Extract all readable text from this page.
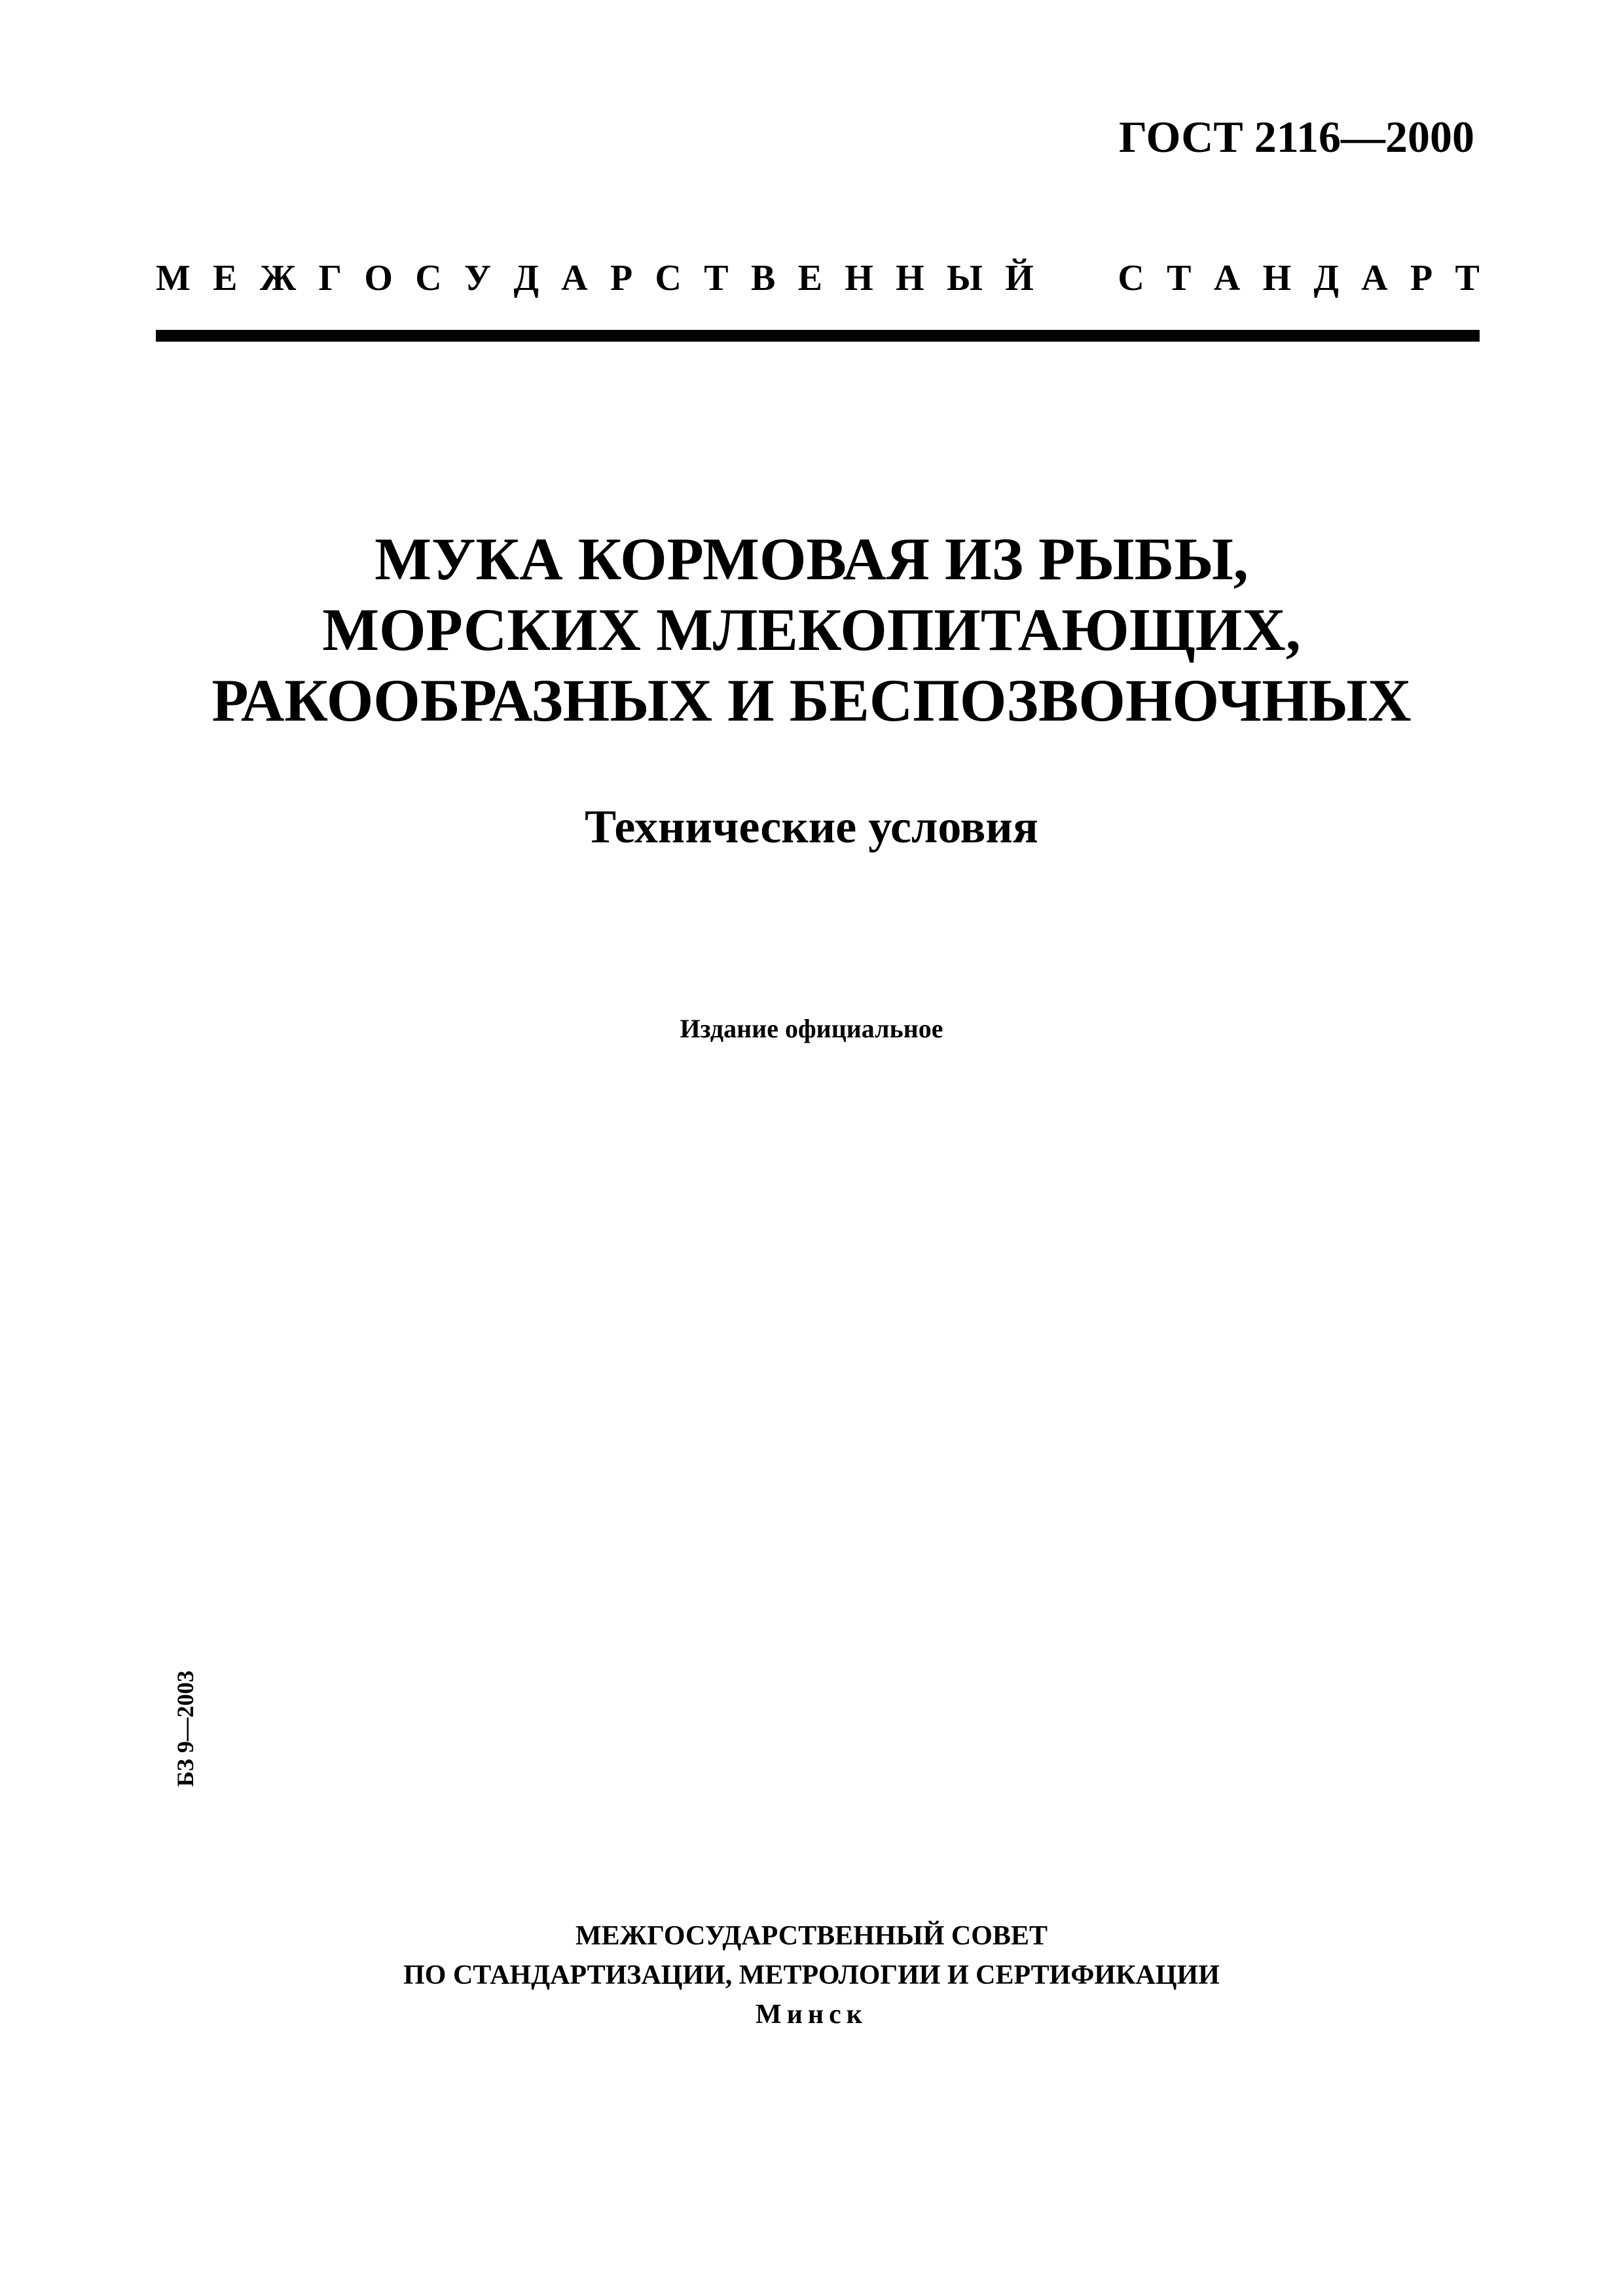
ГОСТ 2116—2000
М Е Ж Г О С У Д А Р С Т В Е Н Н Ы Й С Т А Н Д А Р Т
МУКА КОРМОВАЯ ИЗ РЫБЫ,
МОРСКИХ МЛЕКОПИТАЮЩИХ,
РАКООБРАЗНЫХ И БЕСПОЗВОНОЧНЫХ
Технические условия
Издание официальное
БЗ 9—2003
МЕЖГОСУДАРСТВЕННЫЙ СОВЕТ
ПО СТАНДАРТИЗАЦИИ, МЕТРОЛОГИИ И СЕРТИФИКАЦИИ
Минск
